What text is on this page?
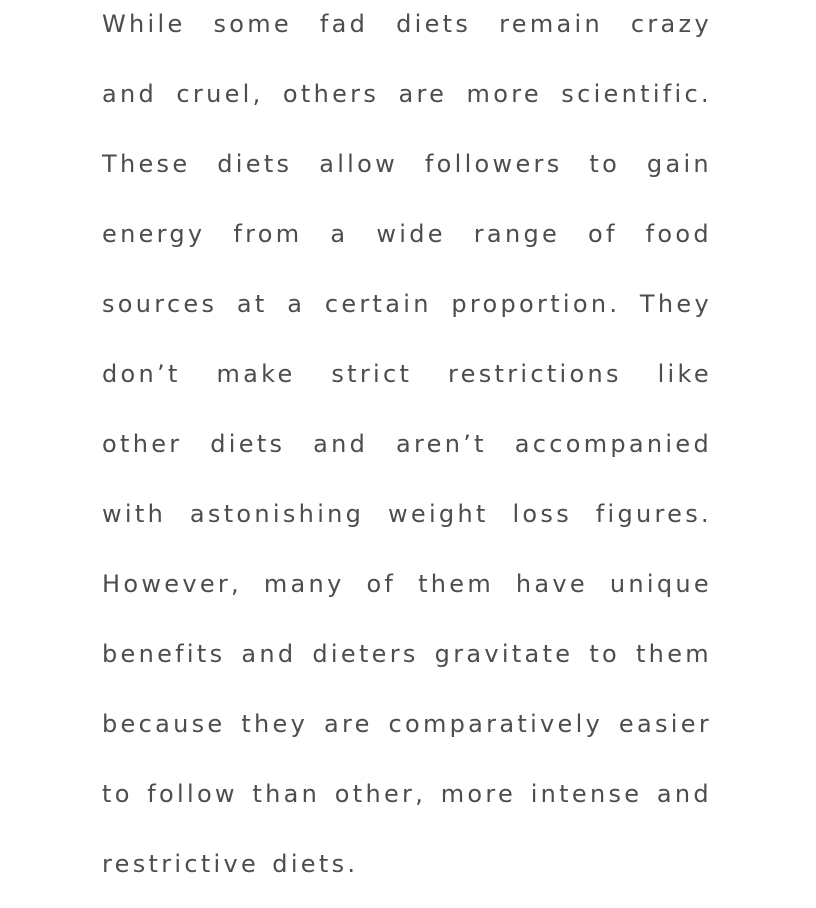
While some fad diets remain crazy
and cruel, others are more scientific.
These diets allow followers to gain
energy from a wide range of food
sources at a certain proportion. They
don’t make strict restrictions like
other diets and aren’t accompanied
with astonishing weight loss figures.
However, many of them have unique
benefits and dieters gravitate to them
because they are comparatively easier
to follow than other, more intense and
restrictive diets.
